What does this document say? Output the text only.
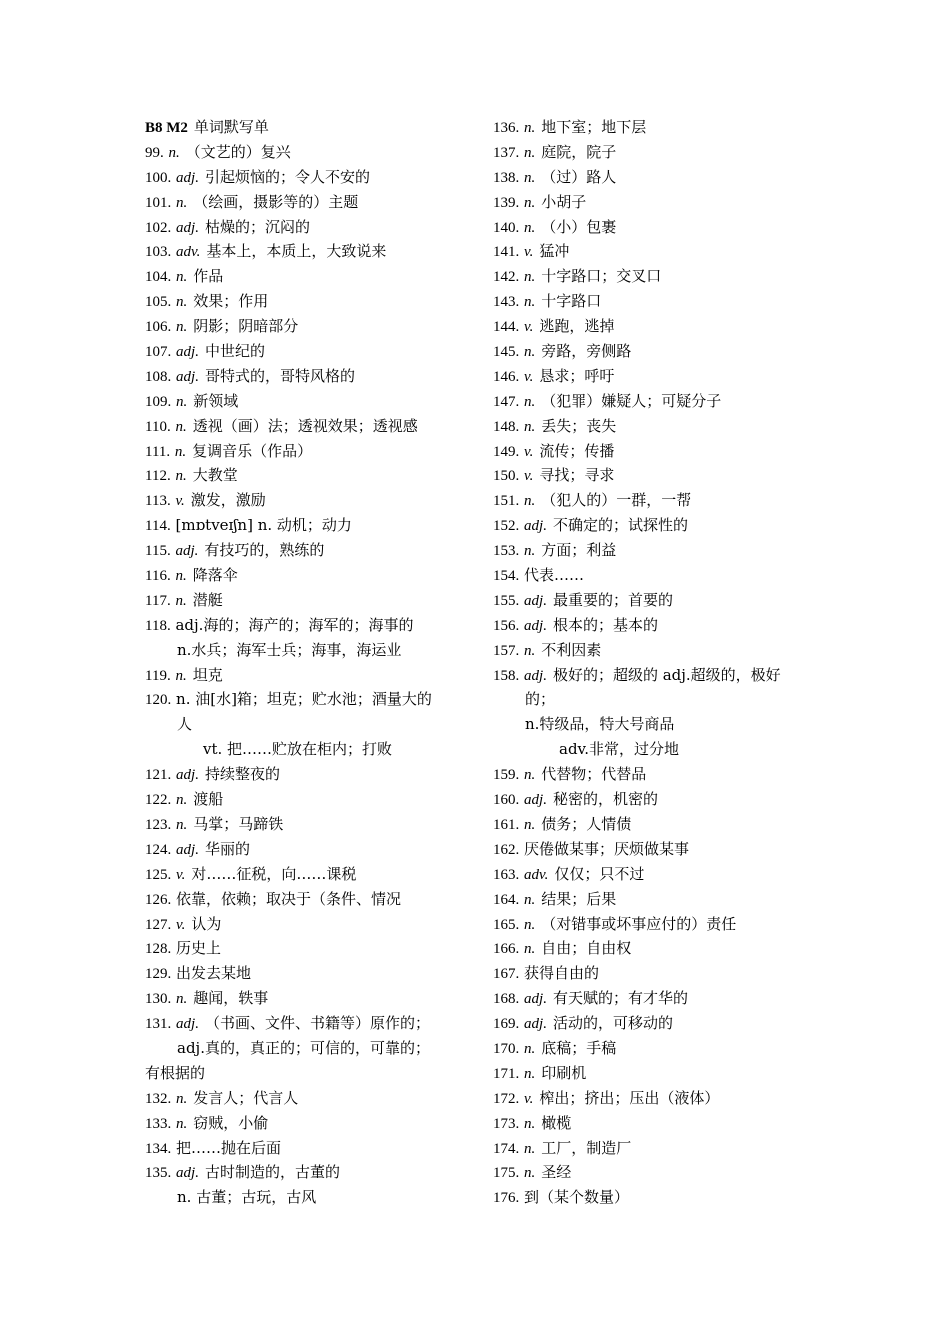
B8 M2 单词默写单
99. n. （文艺的）复兴
100. adj. 引起烦恼的；令人不安的
101. n. （绘画，摄影等的）主题
102. adj. 枯燥的；沉闷的
103. adv. 基本上，本质上，大致说来
104. n. 作品
105. n. 效果；作用
106. n. 阴影；阴暗部分
107. adj. 中世纪的
108. adj. 哥特式的，哥特风格的
109. n. 新领域
110. n. 透视（画）法；透视效果；透视感
111. n. 复调音乐（作品）
112. n. 大教堂
113. v. 激发，激励
114. [mɒtveɪʃn] n. 动机；动力
115. adj. 有技巧的，熟练的
116. n. 降落伞
117. n. 潜艇
118. adj.海的；海产的；海军的；海事的
n.水兵；海军士兵；海事，海运业
119. n. 坦克
120. n. 油[水]箱；坦克；贮水池；酒量大的
人
vt. 把……贮放在柜内；打败
121. adj. 持续整夜的
122. n. 渡船
123. n. 马掌；马蹄铁
124. adj. 华丽的
125. v. 对……征税，向……课税
126. 依靠，依赖；取决于（条件、情况
127. v. 认为
128. 历史上
129. 出发去某地
130. n. 趣闻，轶事
131. adj. （书画、文件、书籍等）原作的；
adj.真的，真正的；可信的，可靠的；
有根据的
132. n. 发言人；代言人
133. n. 窃贼，小偷
134. 把……抛在后面
135. adj. 古时制造的，古董的
n. 古董；古玩，古风
136. n. 地下室；地下层
137. n. 庭院，院子
138. n. （过）路人
139. n. 小胡子
140. n. （小）包裹
141. v. 猛冲
142. n. 十字路口；交叉口
143. n. 十字路口
144. v. 逃跑，逃掉
145. n. 旁路，旁侧路
146. v. 恳求；呼吁
147. n. （犯罪）嫌疑人；可疑分子
148. n. 丢失；丧失
149. v. 流传；传播
150. v. 寻找；寻求
151. n. （犯人的）一群，一帮
152. adj. 不确定的；试探性的
153. n. 方面；利益
154. 代表……
155. adj. 最重要的；首要的
156. adj. 根本的；基本的
157. n. 不利因素
158. adj. 极好的；超级的 adj.超级的，极好
的；
n.特级品，特大号商品
adv.非常，过分地
159. n. 代替物；代替品
160. adj. 秘密的，机密的
161. n. 债务；人情债
162. 厌倦做某事；厌烦做某事
163. adv. 仅仅；只不过
164. n. 结果；后果
165. n. （对错事或坏事应付的）责任
166. n. 自由；自由权
167. 获得自由的
168. adj. 有天赋的；有才华的
169. adj. 活动的，可移动的
170. n. 底稿；手稿
171. n. 印刷机
172. v. 榨出；挤出；压出（液体）
173. n. 橄榄
174. n. 工厂，制造厂
175. n. 圣经
176. 到（某个数量）
